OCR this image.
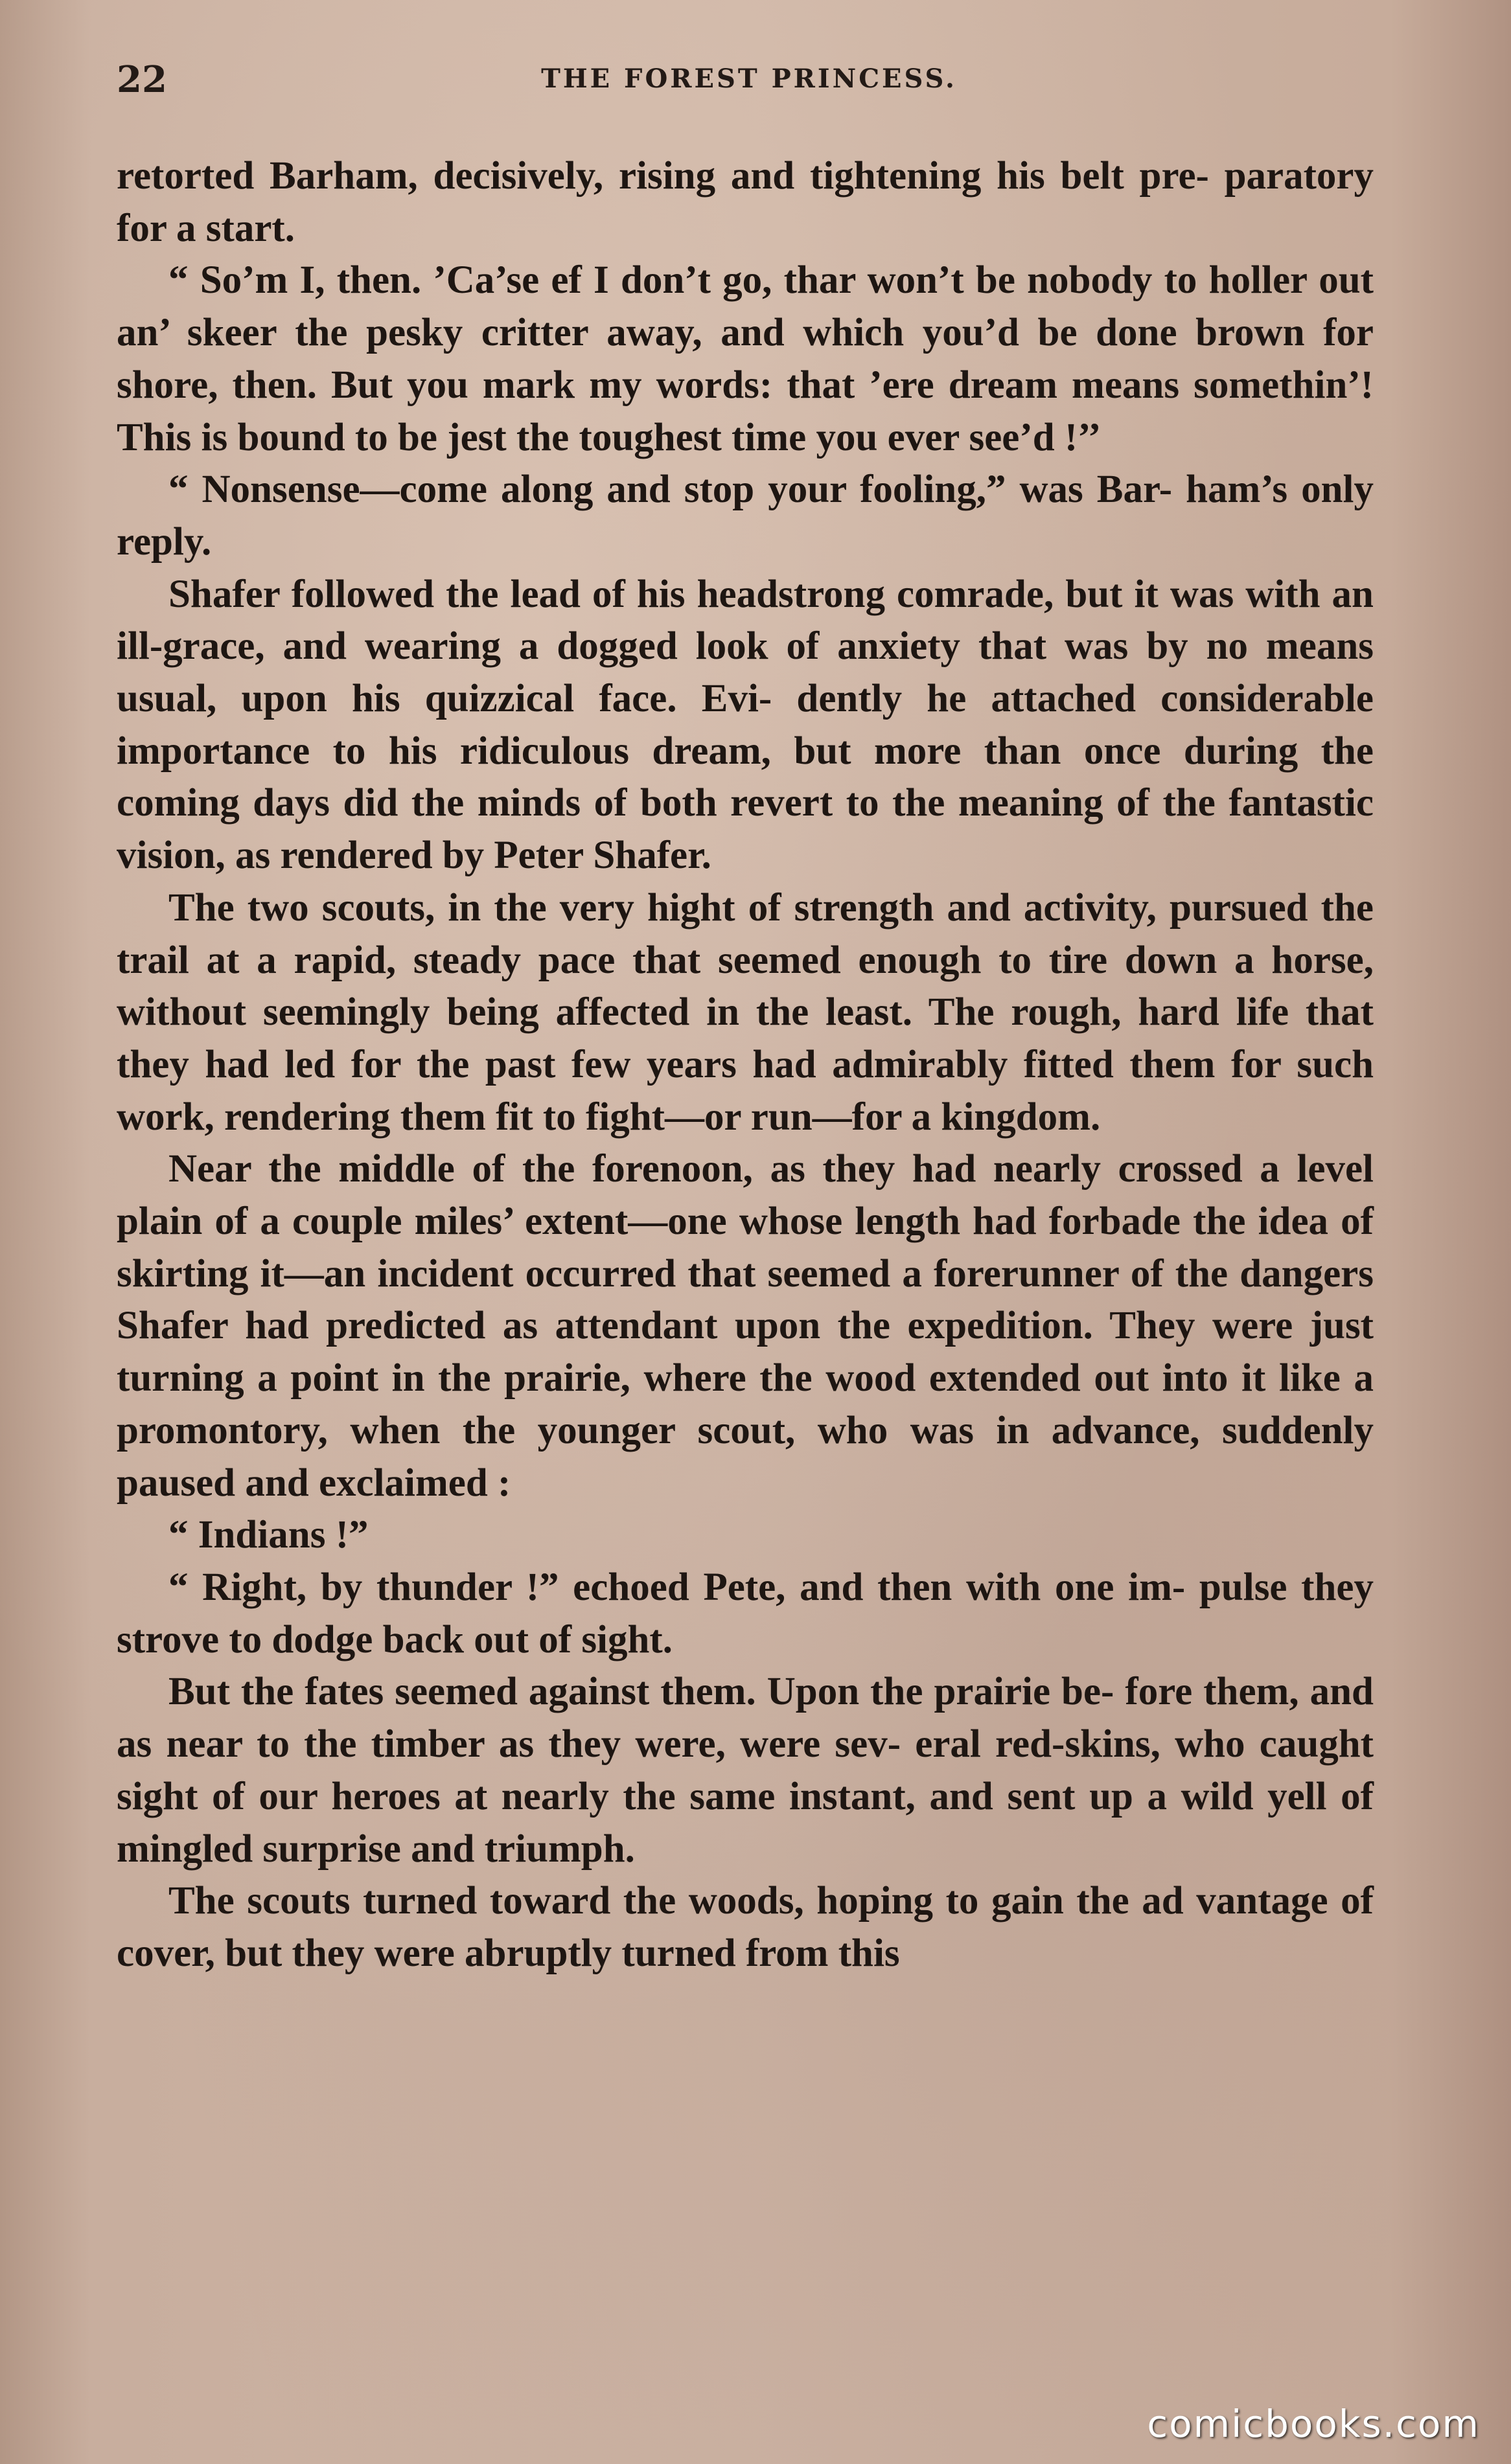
22	THE FOREST PRINCESS.

retorted Barham, decisively, rising and tightening his belt pre- paratory for a start.

“ So’m I, then. ’Ca’se ef I don’t go, thar won’t be nobody to holler out an’ skeer the pesky critter away, and which you’d be done brown for shore, then. But you mark my words: that ’ere dream means somethin’! This is bound to be jest the toughest time you ever see’d !’’

“ Nonsense—come along and stop your fooling,” was Bar- ham’s only reply.

Shafer followed the lead of his headstrong comrade, but it was with an ill-grace, and wearing a dogged look of anxiety that was by no means usual, upon his quizzical face. Evi- dently he attached considerable importance to his ridiculous dream, but more than once during the coming days did the minds of both revert to the meaning of the fantastic vision, as rendered by Peter Shafer.

The two scouts, in the very hight of strength and activity, pursued the trail at a rapid, steady pace that seemed enough to tire down a horse, without seemingly being affected in the least. The rough, hard life that they had led for the past few years had admirably fitted them for such work, rendering them fit to fight—or run—for a kingdom.

Near the middle of the forenoon, as they had nearly crossed a level plain of a couple miles’ extent—one whose length had forbade the idea of skirting it—an incident occurred that seemed a forerunner of the dangers Shafer had predicted as attendant upon the expedition. They were just turning a point in the prairie, where the wood extended out into it like a promontory, when the younger scout, who was in advance, suddenly paused and exclaimed :

“ Indians !”

“ Right, by thunder !” echoed Pete, and then with one im- pulse they strove to dodge back out of sight.

But the fates seemed against them. Upon the prairie be- fore them, and as near to the timber as they were, were sev- eral red-skins, who caught sight of our heroes at nearly the same instant, and sent up a wild yell of mingled surprise and triumph.

The scouts turned toward the woods, hoping to gain the ad vantage of cover, but they were abruptly turned from this

comicbooks.com
